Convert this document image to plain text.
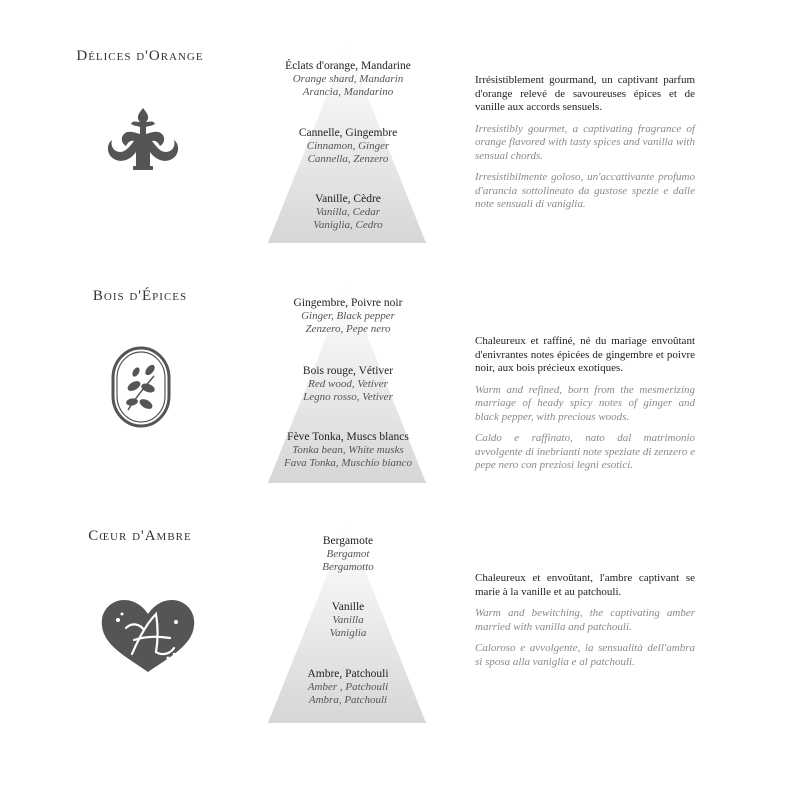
Délices d'Orange
Éclats d'orange, Mandarine
Orange shard, Mandarin
Arancia, Mandarino
Cannelle, Gingembre
Cinnamon, Ginger
Cannella, Zenzero
Vanille, Cèdre
Vanilla, Cedar
Vaniglia, Cedro

Irrésistiblement gourmand, un captivant parfum d'orange relevé de savoureuses épices et de vanille aux accords sensuels.

Irresistibly gourmet, a captivating fragrance of orange flavored with tasty spices and vanilla with sensual chords.

Irresistibilmente goloso, un'accattivante profumo d'arancia sottolineato da gustose spezie e dalle note sensuali di vaniglia.

Bois d'Épices	Gingembre, Poivre noir
Ginger, Black pepper
Zenzero, Pepe nero
Bois rouge, Vétiver
Red wood, Vetiver
Legno rosso, Vetiver
Fève Tonka, Muscs blancs
Tonka bean, White musks
Fava Tonka, Muschio bianco

Chaleureux et raffiné, né du mariage envoûtant d'enivrantes notes épicées de gingembre et poivre noir, aux bois précieux exotiques.

Warm and refined, born from the mesmerizing marriage of heady spicy notes of ginger and black pepper, with precious woods.

Caldo e raffinato, nato dal matrimonio avvolgente di inebrianti note speziate di zenzero e pepe nero con preziosi legni esotici.

Cœur d'Ambre	Bergamote
Bergamot
Bergamotto
Vanille
Vanilla
Vaniglia
Ambre, Patchouli
Amber , Patchouli
Ambra, Patchouli

Chaleureux et envoûtant, l'ambre captivant se marie à la vanille et au patchouli.

Warm and bewitching, the captivating amber married with vanilla and patchouli.

Caloroso e avvolgente, la sensualità dell'ambra si sposa alla vaniglia e al patchouli.
